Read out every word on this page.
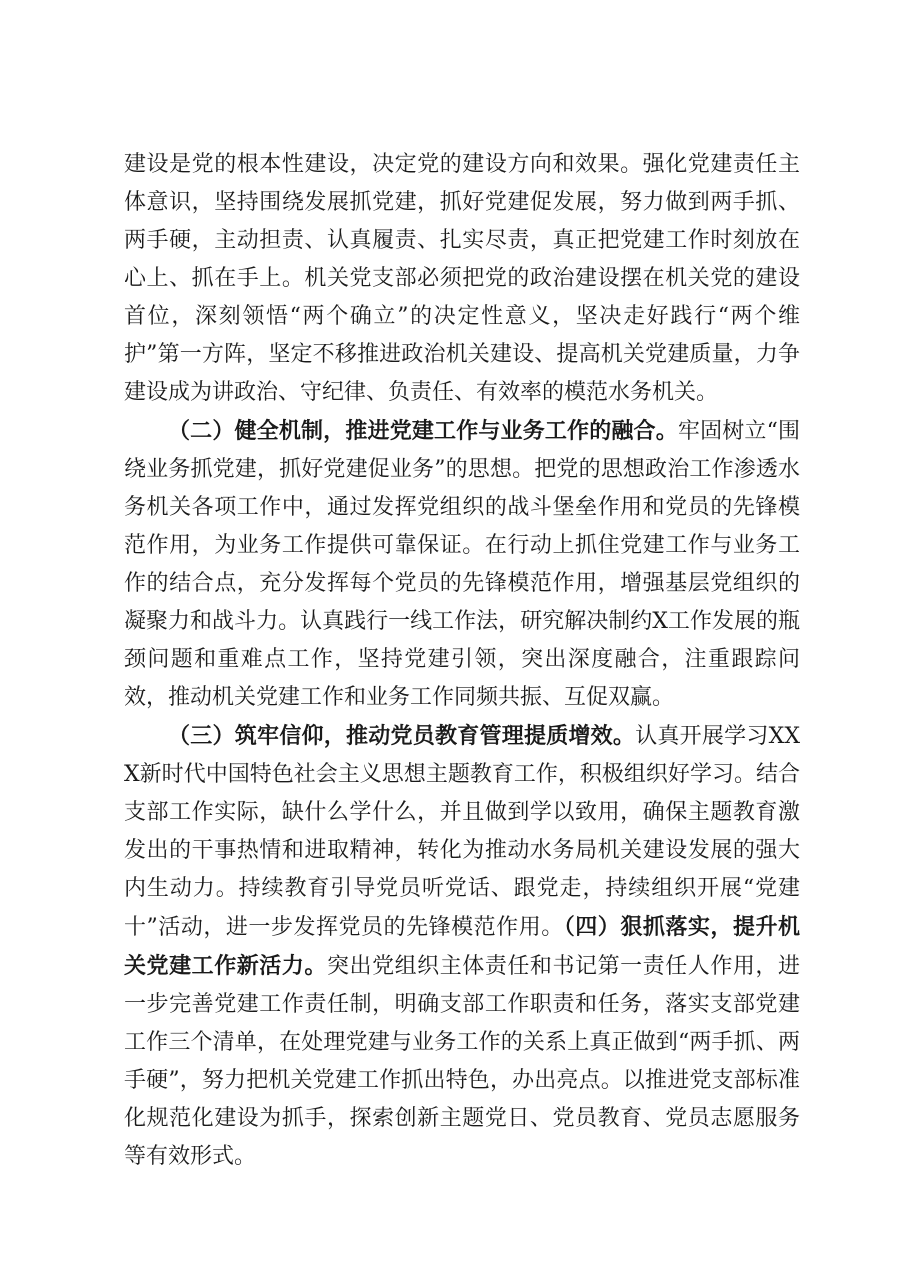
建设是党的根本性建设，决定党的建设方向和效果。强化党建责任主体意识，坚持围绕发展抓党建，抓好党建促发展，努力做到两手抓、两手硬，主动担责、认真履责、扎实尽责，真正把党建工作时刻放在心上、抓在手上。机关党支部必须把党的政治建设摆在机关党的建设首位，深刻领悟“两个确立”的决定性意义，坚决走好践行“两个维护”第一方阵，坚定不移推进政治机关建设、提高机关党建质量，力争建设成为讲政治、守纪律、负责任、有效率的模范水务机关。

（二）健全机制，推进党建工作与业务工作的融合。牢固树立“围绕业务抓党建，抓好党建促业务”的思想。把党的思想政治工作渗透水务机关各项工作中，通过发挥党组织的战斗堡垒作用和党员的先锋模范作用，为业务工作提供可靠保证。在行动上抓住党建工作与业务工作的结合点，充分发挥每个党员的先锋模范作用，增强基层党组织的凝聚力和战斗力。认真践行一线工作法，研究解决制约X工作发展的瓶颈问题和重难点工作，坚持党建引领，突出深度融合，注重跟踪问效，推动机关党建工作和业务工作同频共振、互促双赢。

（三）筑牢信仰，推动党员教育管理提质增效。认真开展学习XXX新时代中国特色社会主义思想主题教育工作，积极组织好学习。结合支部工作实际，缺什么学什么，并且做到学以致用，确保主题教育激发出的干事热情和进取精神，转化为推动水务局机关建设发展的强大内生动力。持续教育引导党员听党话、跟党走，持续组织开展“党建十”活动，进一步发挥党员的先锋模范作用。（四）狠抓落实，提升机关党建工作新活力。突出党组织主体责任和书记第一责任人作用，进一步完善党建工作责任制，明确支部工作职责和任务，落实支部党建工作三个清单，在处理党建与业务工作的关系上真正做到“两手抓、两手硬”，努力把机关党建工作抓出特色，办出亮点。以推进党支部标准化规范化建设为抓手，探索创新主题党日、党员教育、党员志愿服务等有效形式。
